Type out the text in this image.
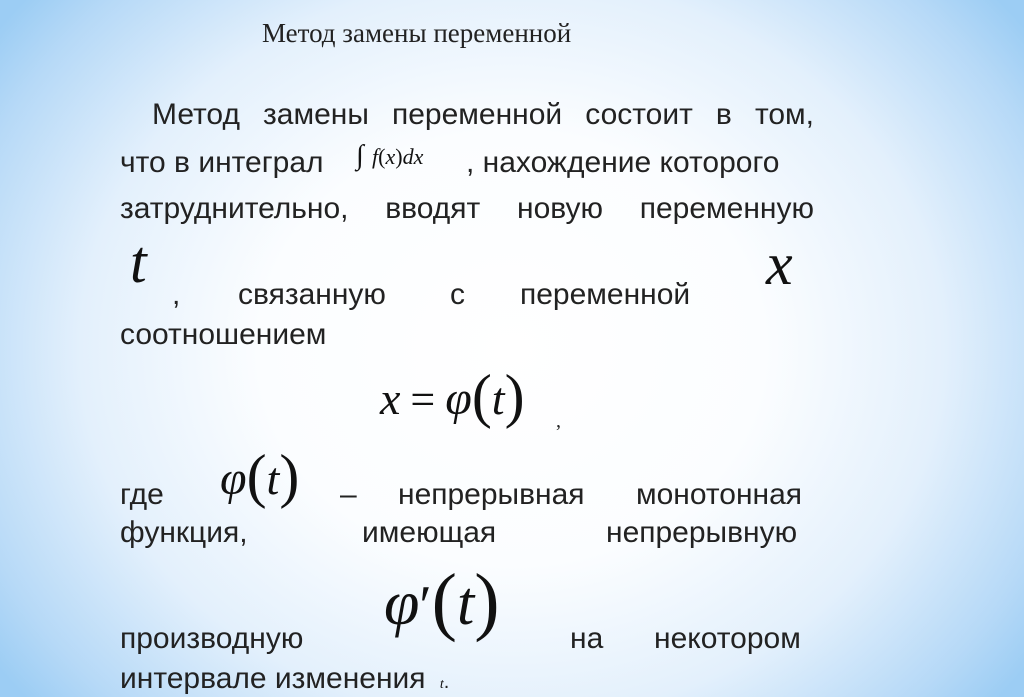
Метод замены переменной
Метод замены переменной состоит в том,
что в интеграл ∫ f(x)dx , нахождение которого
затруднительно, вводят новую переменную
t	x
, связанную с переменной
соотношением
x = φ(t) ,
где	– непрерывная монотонная
φ(t)
функция,	имеющая	непрерывную
φ′(t)
производную	на некотором
интервале изменения t.
